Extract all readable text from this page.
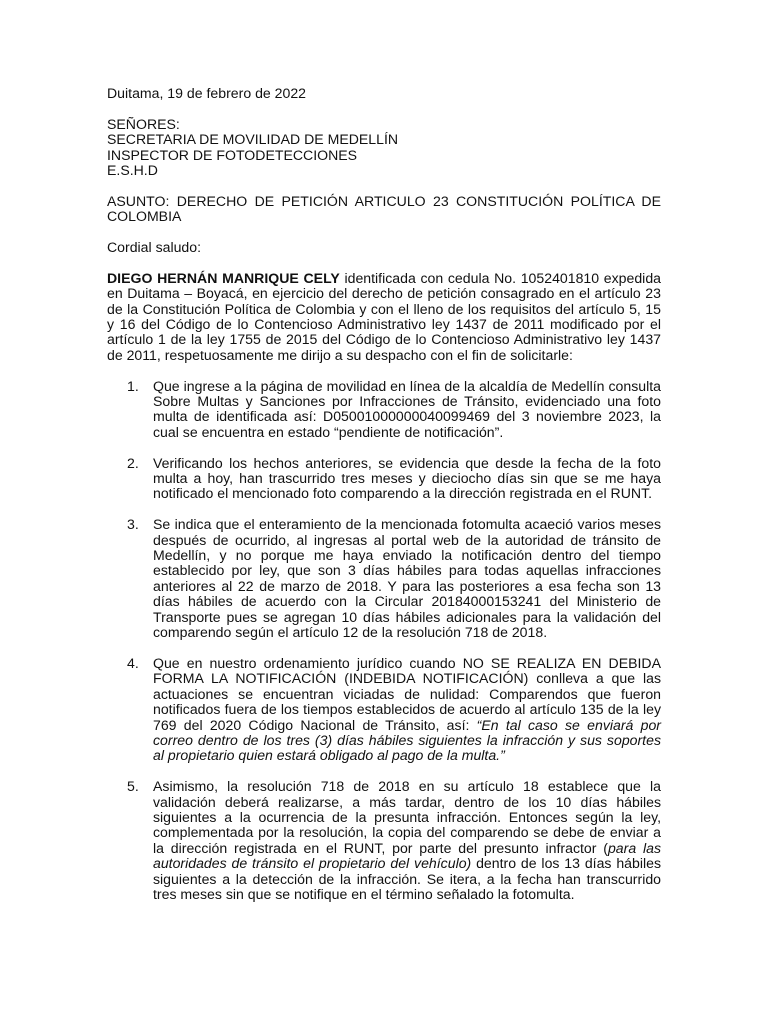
Duitama, 19 de febrero de 2022

SEÑORES:

SECRETARIA DE MOVILIDAD DE MEDELLÍN

INSPECTOR DE FOTODETECCIONES

E.S.H.D

ASUNTO: DERECHO DE PETICIÓN ARTICULO 23 CONSTITUCIÓN POLÍTICA DE COLOMBIA

Cordial saludo:

DIEGO HERNÁN MANRIQUE CELY identificada con cedula No. 1052401810 expedida en Duitama – Boyacá, en ejercicio del derecho de petición consagrado en el artículo 23 de la Constitución Política de Colombia y con el lleno de los requisitos del artículo 5, 15 y 16 del Código de lo Contencioso Administrativo ley 1437 de 2011 modificado por el artículo 1 de la ley 1755 de 2015 del Código de lo Contencioso Administrativo ley 1437 de 2011, respetuosamente me dirijo a su despacho con el fin de solicitarle:

1. Que ingrese a la página de movilidad en línea de la alcaldía de Medellín consulta Sobre Multas y Sanciones por Infracciones de Tránsito, evidenciado una foto multa de identificada así: D05001000000040099469 del 3 noviembre 2023, la cual se encuentra en estado “pendiente de notificación”.
2. Verificando los hechos anteriores, se evidencia que desde la fecha de la foto multa a hoy, han trascurrido tres meses y dieciocho días sin que se me haya notificado el mencionado foto comparendo a la dirección registrada en el RUNT.
3. Se indica que el enteramiento de la mencionada fotomulta acaeció varios meses después de ocurrido, al ingresas al portal web de la autoridad de tránsito de Medellín, y no porque me haya enviado la notificación dentro del tiempo establecido por ley, que son 3 días hábiles para todas aquellas infracciones anteriores al 22 de marzo de 2018. Y para las posteriores a esa fecha son 13 días hábiles de acuerdo con la Circular 20184000153241 del Ministerio de Transporte pues se agregan 10 días hábiles adicionales para la validación del comparendo según el artículo 12 de la resolución 718 de 2018.
4. Que en nuestro ordenamiento jurídico cuando NO SE REALIZA EN DEBIDA FORMA LA NOTIFICACIÓN (INDEBIDA NOTIFICACIÓN) conlleva a que las actuaciones se encuentran viciadas de nulidad: Comparendos que fueron notificados fuera de los tiempos establecidos de acuerdo al artículo 135 de la ley 769 del 2020 Código Nacional de Tránsito, así: “En tal caso se enviará por correo dentro de los tres (3) días hábiles siguientes la infracción y sus soportes al propietario quien estará obligado al pago de la multa.”
5. Asimismo, la resolución 718 de 2018 en su artículo 18 establece que la validación deberá realizarse, a más tardar, dentro de los 10 días hábiles siguientes a la ocurrencia de la presunta infracción. Entonces según la ley, complementada por la resolución, la copia del comparendo se debe de enviar a la dirección registrada en el RUNT, por parte del presunto infractor (para las autoridades de tránsito el propietario del vehículo) dentro de los 13 días hábiles siguientes a la detección de la infracción. Se itera, a la fecha han transcurrido tres meses sin que se notifique en el término señalado la fotomulta.
